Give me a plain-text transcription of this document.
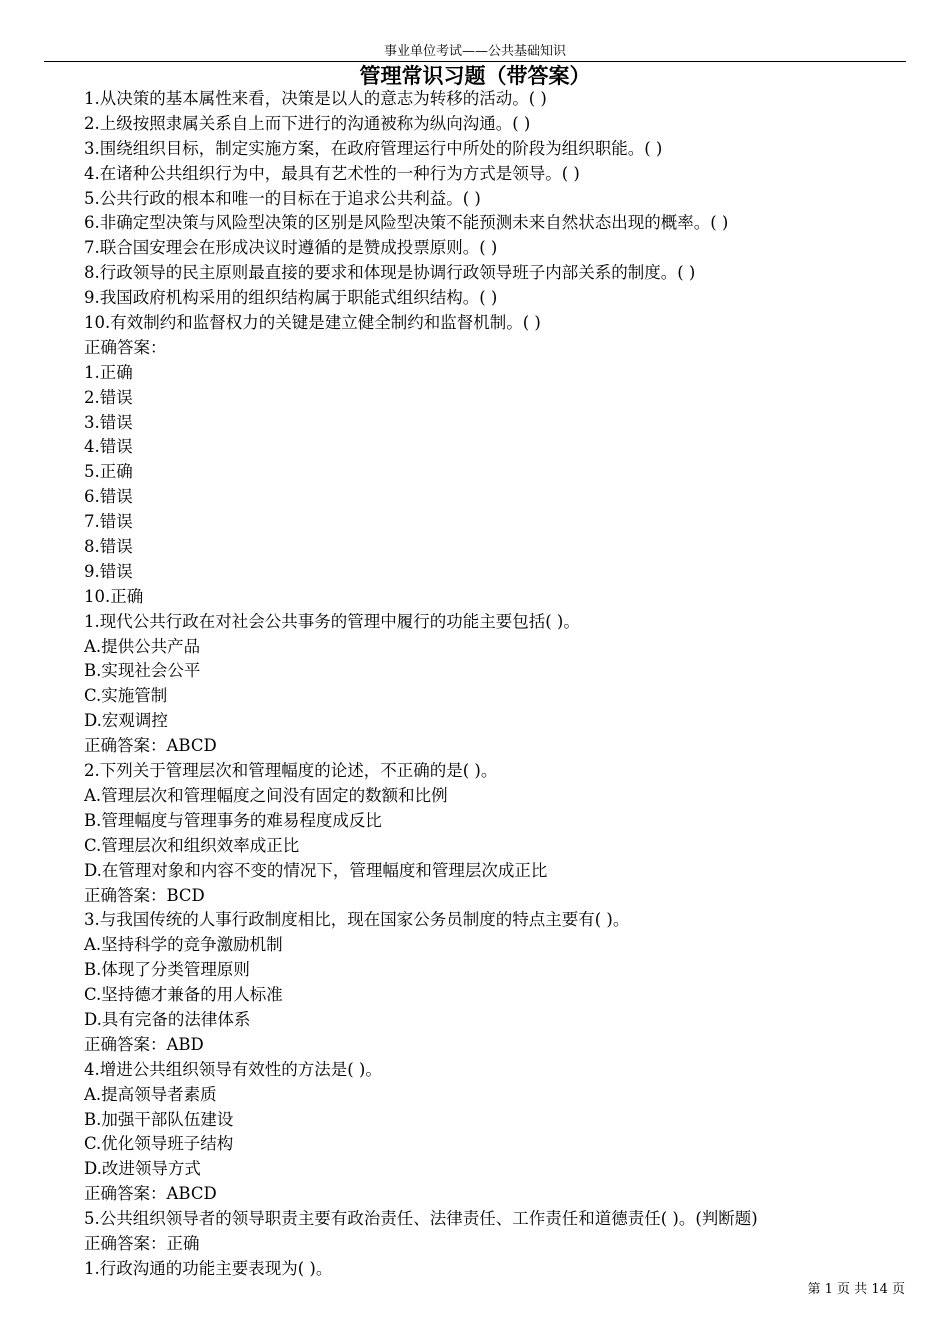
事业单位考试——公共基础知识
管理常识习题（带答案）
1.从决策的基本属性来看，决策是以人的意志为转移的活动。( )
2.上级按照隶属关系自上而下进行的沟通被称为纵向沟通。( )
3.围绕组织目标，制定实施方案，在政府管理运行中所处的阶段为组织职能。( )
4.在诸种公共组织行为中，最具有艺术性的一种行为方式是领导。( )
5.公共行政的根本和唯一的目标在于追求公共利益。( )
6.非确定型决策与风险型决策的区别是风险型决策不能预测未来自然状态出现的概率。( )
7.联合国安理会在形成决议时遵循的是赞成投票原则。( )
8.行政领导的民主原则最直接的要求和体现是协调行政领导班子内部关系的制度。( )
9.我国政府机构采用的组织结构属于职能式组织结构。( )
10.有效制约和监督权力的关键是建立健全制约和监督机制。( )
正确答案：
1.正确
2.错误
3.错误
4.错误
5.正确
6.错误
7.错误
8.错误
9.错误
10.正确
1.现代公共行政在对社会公共事务的管理中履行的功能主要包括( )。
A.提供公共产品
B.实现社会公平
C.实施管制
D.宏观调控
正确答案：ABCD
2.下列关于管理层次和管理幅度的论述，不正确的是( )。
A.管理层次和管理幅度之间没有固定的数额和比例
B.管理幅度与管理事务的难易程度成反比
C.管理层次和组织效率成正比
D.在管理对象和内容不变的情况下，管理幅度和管理层次成正比
正确答案：BCD
3.与我国传统的人事行政制度相比，现在国家公务员制度的特点主要有( )。
A.坚持科学的竞争激励机制
B.体现了分类管理原则
C.坚持德才兼备的用人标准
D.具有完备的法律体系
正确答案：ABD
4.增进公共组织领导有效性的方法是( )。
A.提高领导者素质
B.加强干部队伍建设
C.优化领导班子结构
D.改进领导方式
正确答案：ABCD
5.公共组织领导者的领导职责主要有政治责任、法律责任、工作责任和道德责任( )。(判断题)
正确答案：正确
1.行政沟通的功能主要表现为( )。
第 1 页 共 14 页
